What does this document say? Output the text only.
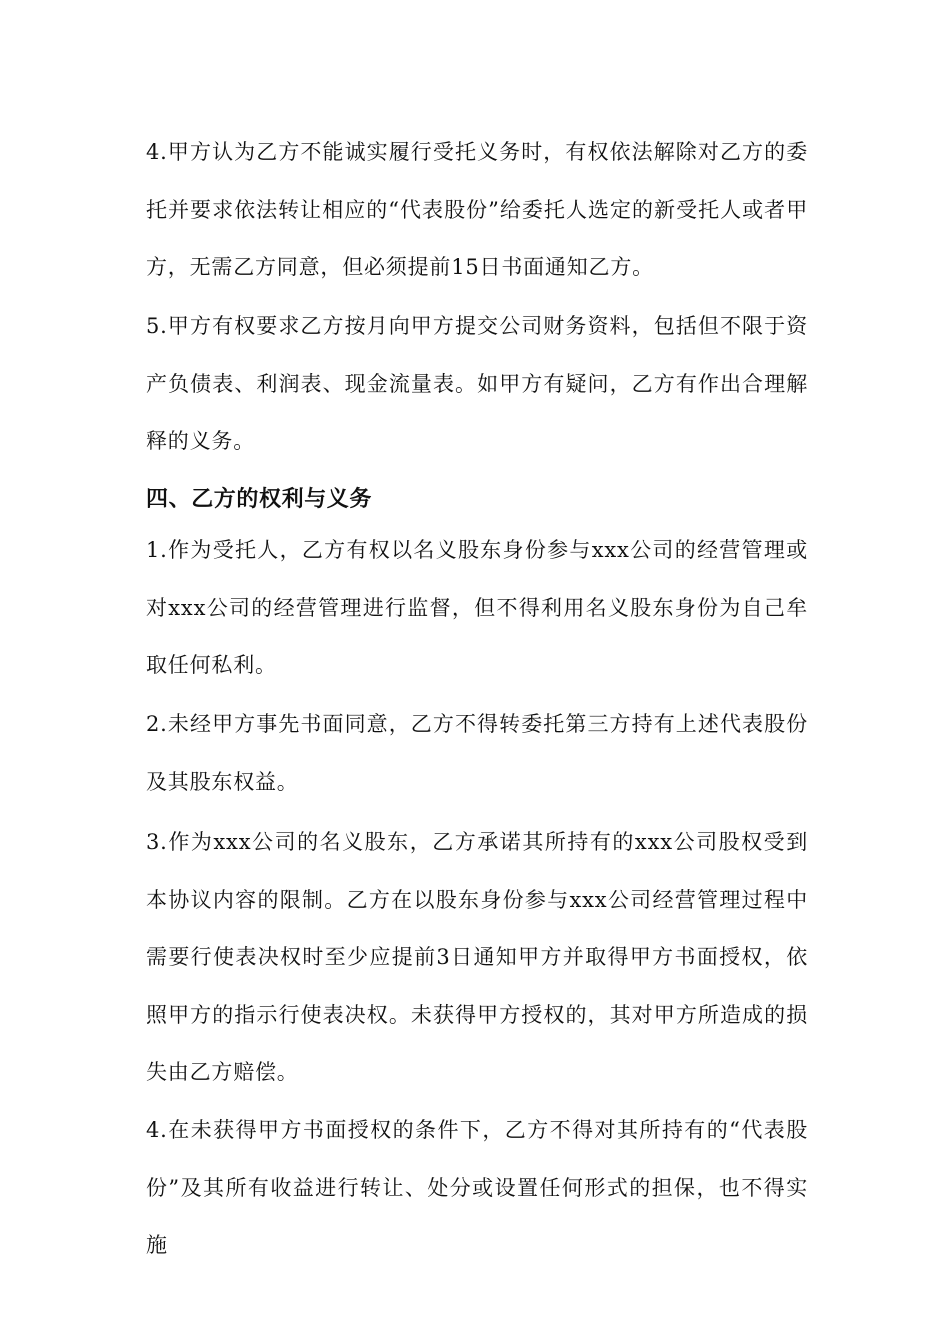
4.甲方认为乙方不能诚实履行受托义务时，有权依法解除对乙方的委托并要求依法转让相应的“代表股份”给委托人选定的新受托人或者甲方，无需乙方同意，但必须提前15日书面通知乙方。

5.甲方有权要求乙方按月向甲方提交公司财务资料，包括但不限于资产负债表、利润表、现金流量表。如甲方有疑问，乙方有作出合理解释的义务。

四、乙方的权利与义务

1.作为受托人，乙方有权以名义股东身份参与xxx公司的经营管理或对xxx公司的经营管理进行监督，但不得利用名义股东身份为自己牟取任何私利。

2.未经甲方事先书面同意，乙方不得转委托第三方持有上述代表股份及其股东权益。

3.作为xxx公司的名义股东，乙方承诺其所持有的xxx公司股权受到本协议内容的限制。乙方在以股东身份参与xxx公司经营管理过程中需要行使表决权时至少应提前3日通知甲方并取得甲方书面授权，依照甲方的指示行使表决权。未获得甲方授权的，其对甲方所造成的损失由乙方赔偿。

4.在未获得甲方书面授权的条件下，乙方不得对其所持有的“代表股份”及其所有收益进行转让、处分或设置任何形式的担保，也不得实施
